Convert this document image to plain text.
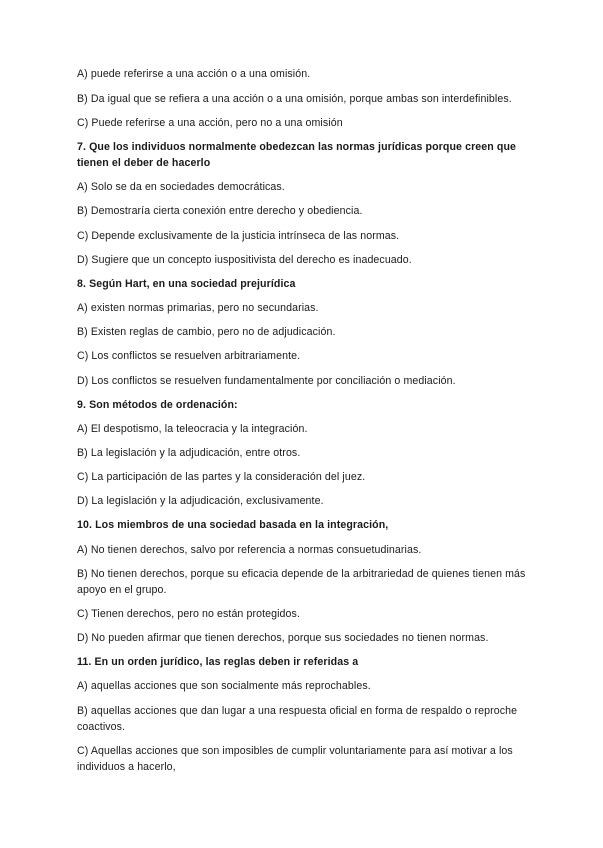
A) puede referirse a una acción o a una omisión.
B) Da igual que se refiera a una acción o a una omisión, porque ambas son interdefinibles.
C) Puede referirse a una acción, pero no a una omisión
7. Que los individuos normalmente obedezcan las normas jurídicas porque creen que tienen el deber de hacerlo
A) Solo se da en sociedades democráticas.
B) Demostraría cierta conexión entre derecho y obediencia.
C) Depende exclusivamente de la justicia intrínseca de las normas.
D) Sugiere que un concepto iuspositivista del derecho es inadecuado.
8. Según Hart, en una sociedad prejurídica
A) existen normas primarias, pero no secundarias.
B) Existen reglas de cambio, pero no de adjudicación.
C) Los conflictos se resuelven arbitrariamente.
D) Los conflictos se resuelven fundamentalmente por conciliación o mediación.
9. Son métodos de ordenación:
A) El despotismo, la teleocracia y la integración.
B) La legislación y la adjudicación, entre otros.
C) La participación de las partes y la consideración del juez.
D) La legislación y la adjudicación, exclusivamente.
10. Los miembros de una sociedad basada en la integración,
A) No tienen derechos, salvo por referencia a normas consuetudinarias.
B) No tienen derechos, porque su eficacia depende de la arbitrariedad de quienes tienen más apoyo en el grupo.
C) Tienen derechos, pero no están protegidos.
D) No pueden afirmar que tienen derechos, porque sus sociedades no tienen normas.
11. En un orden jurídico, las reglas deben ir referidas a
A) aquellas acciones que son socialmente más reprochables.
B) aquellas acciones que dan lugar a una respuesta oficial en forma de respaldo o reproche coactivos.
C) Aquellas acciones que son imposibles de cumplir voluntariamente para así motivar a los individuos a hacerlo,
